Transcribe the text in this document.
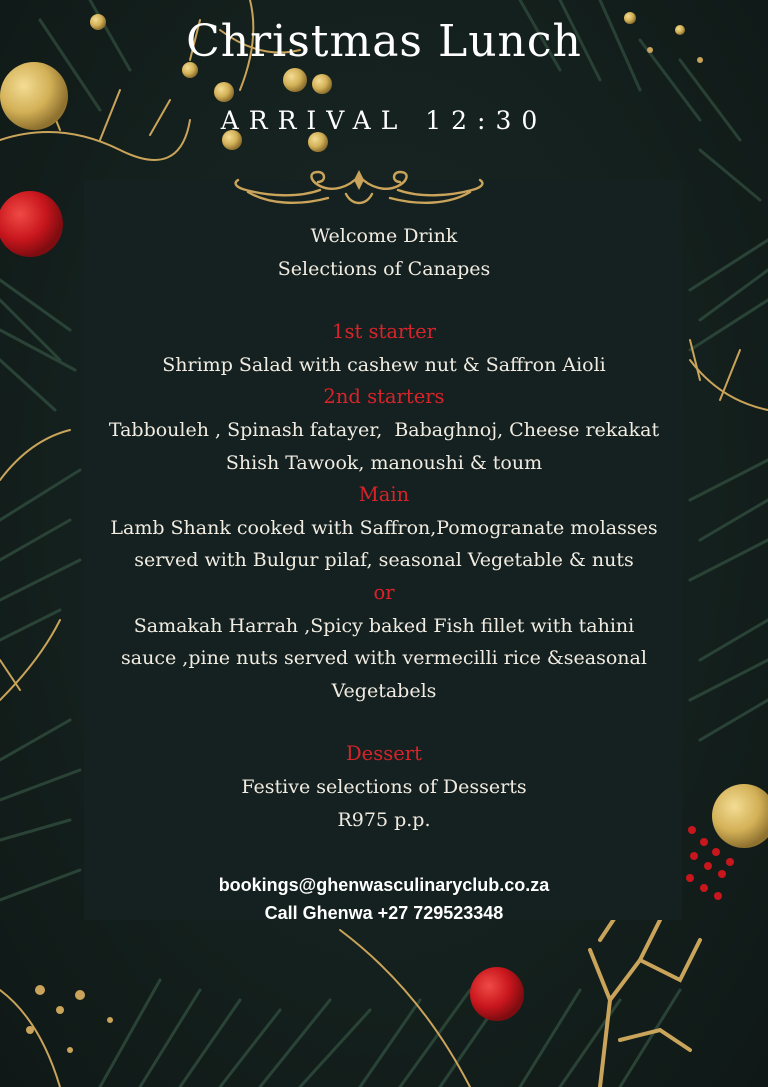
Christmas Lunch
ARRIVAL 12:30
Welcome Drink
Selections of Canapes
1st starter
Shrimp Salad with cashew nut & Saffron Aioli
2nd starters
Tabbouleh , Spinash fatayer,  Babaghnoj, Cheese rekakat
Shish Tawook, manoushi & toum
Main
Lamb Shank cooked with Saffron,Pomogranate molasses
served with Bulgur pilaf, seasonal Vegetable & nuts
or
Samakah Harrah ,Spicy baked Fish fillet with tahini
sauce ,pine nuts served with vermecilli rice &seasonal
Vegetabels
Dessert
Festive selections of Desserts
R975 p.p.
bookings@ghenwasculinaryclub.co.za
Call Ghenwa +27 729523348
